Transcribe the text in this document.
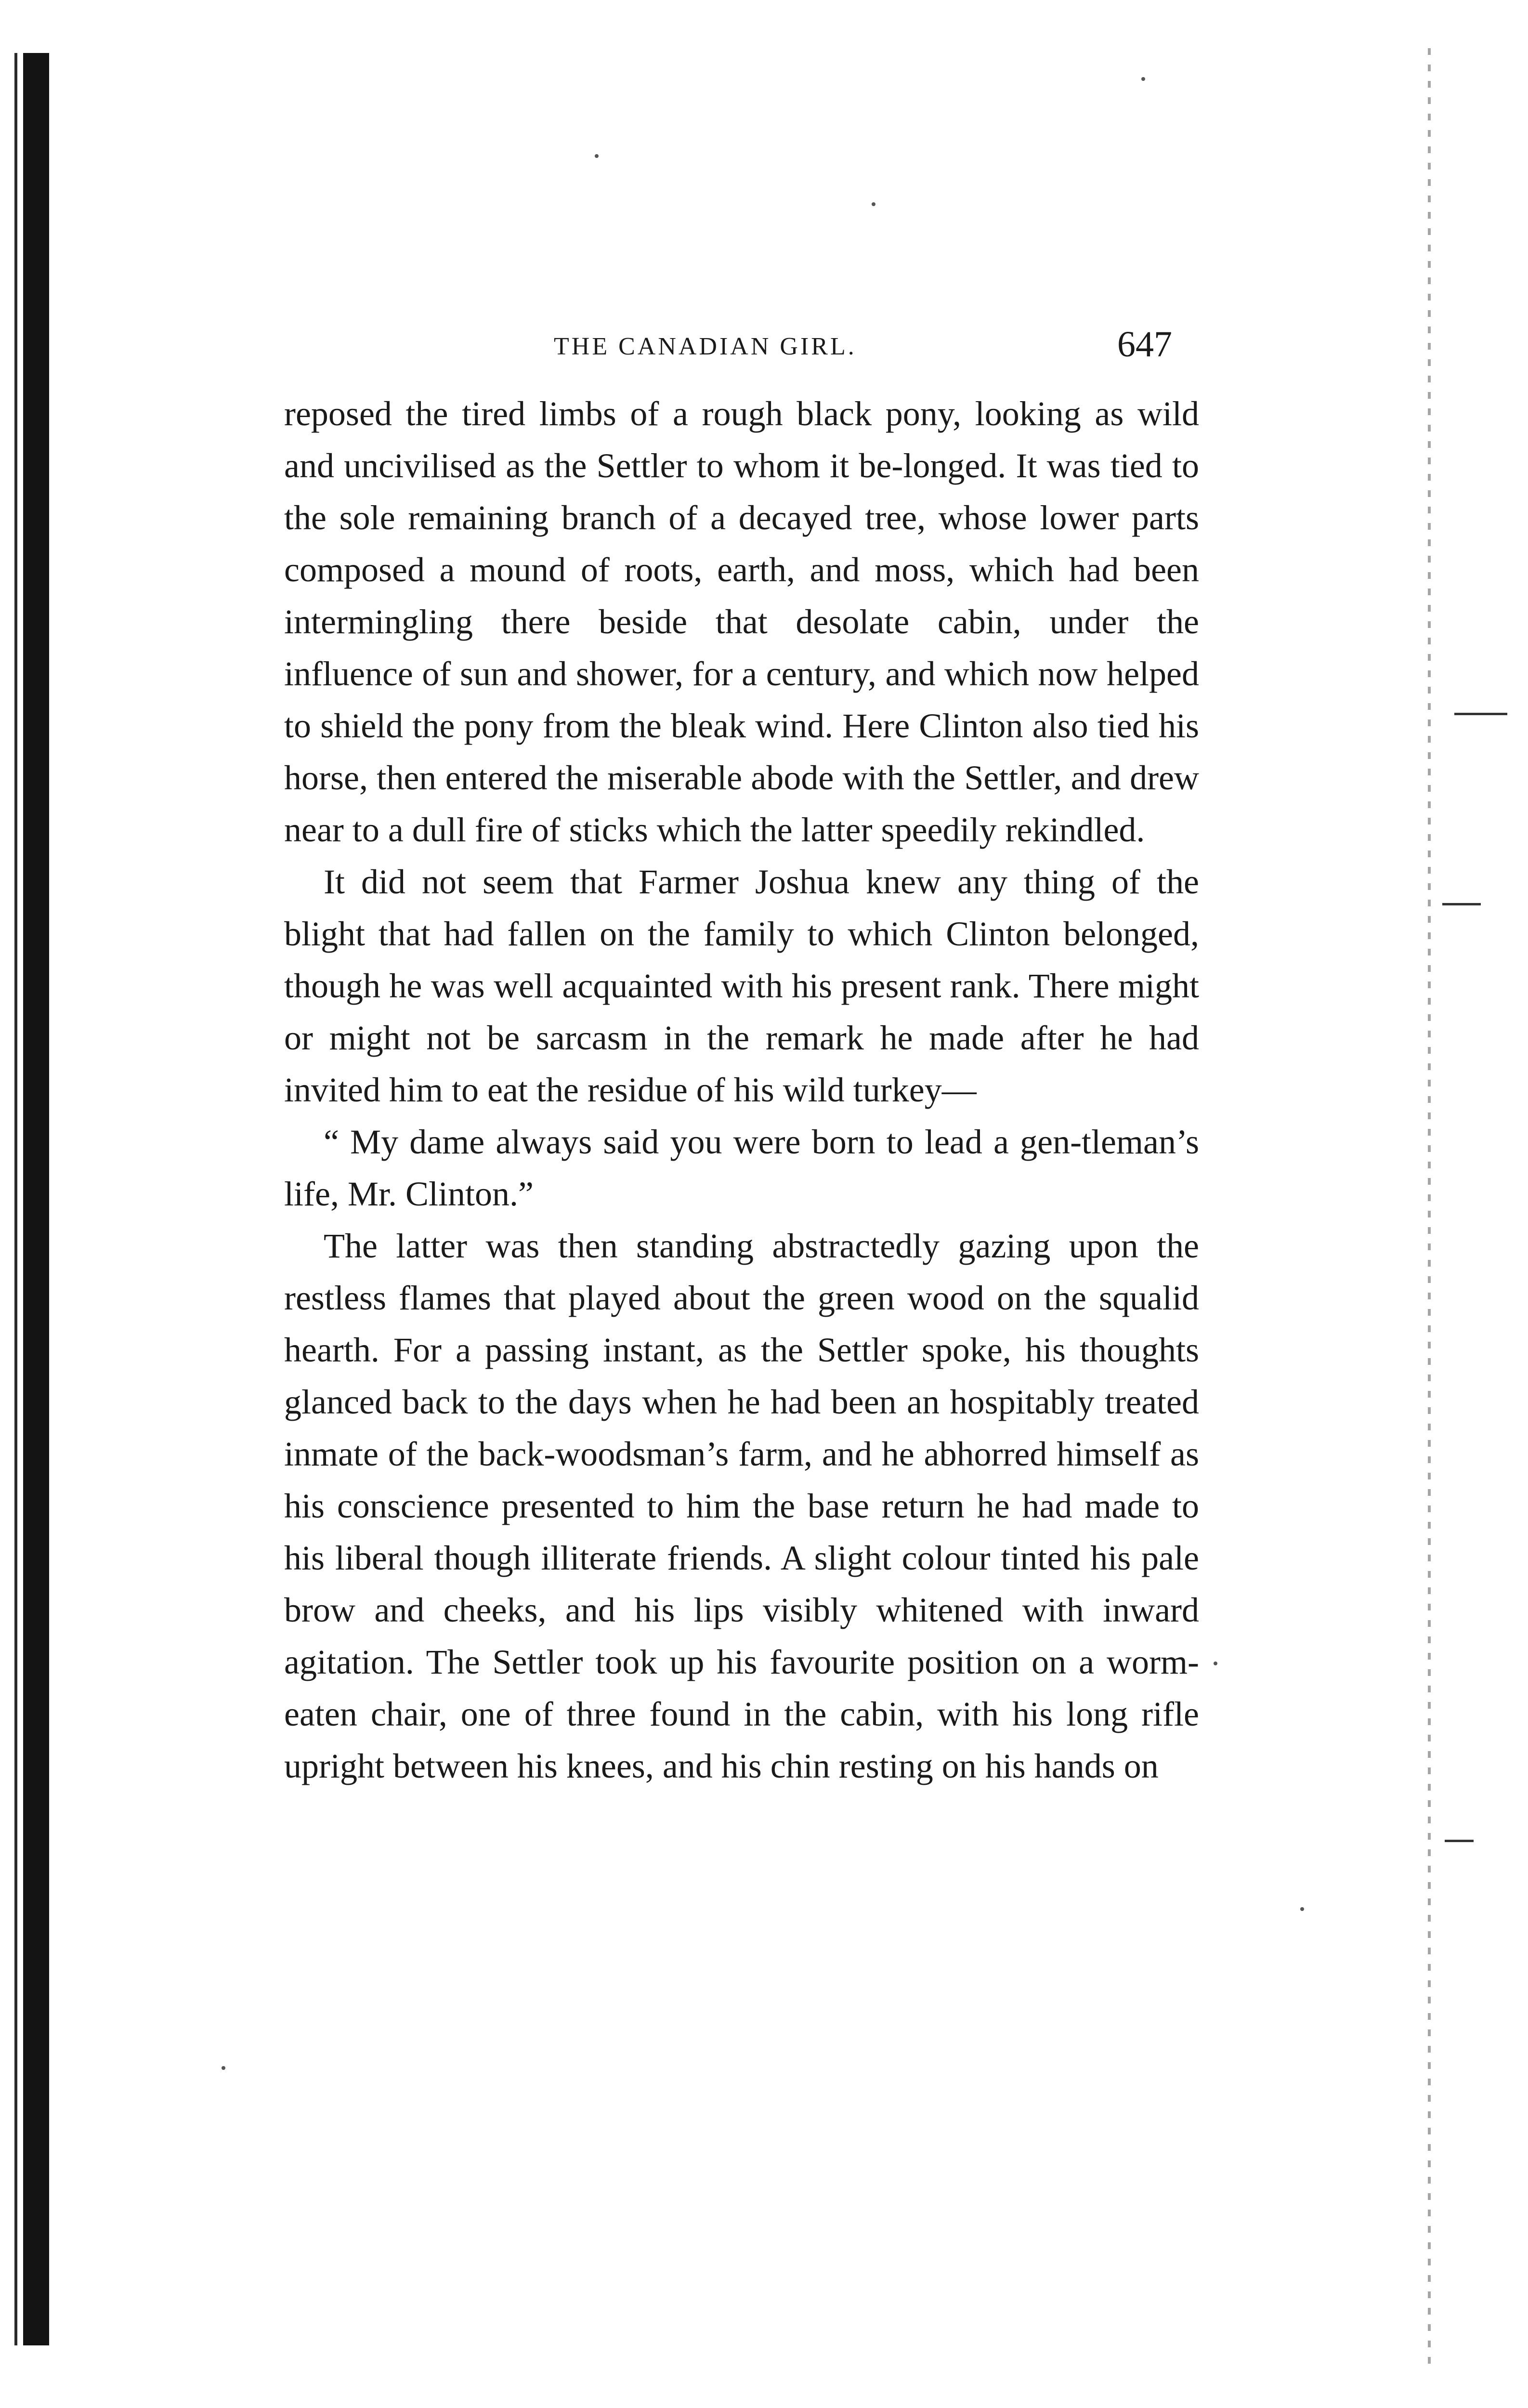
THE CANADIAN GIRL.	647

reposed the tired limbs of a rough black pony, looking as wild and uncivilised as the Settler to whom it be-longed. It was tied to the sole remaining branch of a decayed tree, whose lower parts composed a mound of roots, earth, and moss, which had been intermingling there beside that desolate cabin, under the influence of sun and shower, for a century, and which now helped to shield the pony from the bleak wind. Here Clinton also tied his horse, then entered the miserable abode with the Settler, and drew near to a dull fire of sticks which the latter speedily rekindled.

It did not seem that Farmer Joshua knew any thing of the blight that had fallen on the family to which Clinton belonged, though he was well acquainted with his present rank. There might or might not be sarcasm in the remark he made after he had invited him to eat the residue of his wild turkey—

“ My dame always said you were born to lead a gen-tleman’s life, Mr. Clinton.”

The latter was then standing abstractedly gazing upon the restless flames that played about the green wood on the squalid hearth. For a passing instant, as the Settler spoke, his thoughts glanced back to the days when he had been an hospitably treated inmate of the back-woodsman’s farm, and he abhorred himself as his conscience presented to him the base return he had made to his liberal though illiterate friends. A slight colour tinted his pale brow and cheeks, and his lips visibly whitened with inward agitation. The Settler took up his favourite position on a worm-eaten chair, one of three found in the cabin, with his long rifle upright between his knees, and his chin resting on his hands on
